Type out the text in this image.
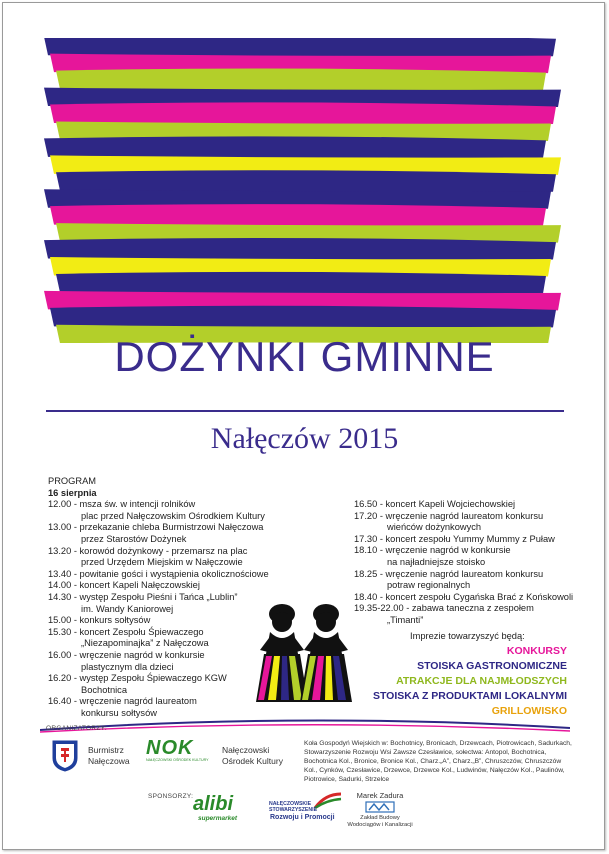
DOŻYNKI GMINNE
Nałęczów 2015
PROGRAM
16 sierpnia
12.00 - msza św. w intencji rolników
plac przed Nałęczowskim Ośrodkiem Kultury
13.00 - przekazanie chleba Burmistrzowi Nałęczowa
przez Starostów Dożynek
13.20 - korowód dożynkowy - przemarsz na plac
przed Urzędem Miejskim w Nałęczowie
13.40 - powitanie gości i wystąpienia okolicznościowe
14.00 - koncert Kapeli Nałęczowskiej
14.30 - występ Zespołu Pieśni i Tańca „Lublin”
im. Wandy Kaniorowej
15.00 - konkurs sołtysów
15.30 - koncert Zespołu Śpiewaczego
„Niezapominajka” z Nałęczowa
16.00 - wręczenie nagród w konkursie
plastycznym dla dzieci
16.20 - występ Zespołu Śpiewaczego KGW
Bochotnica
16.40 - wręczenie nagród laureatom
konkursu sołtysów
16.50 - koncert Kapeli Wojciechowskiej
17.20 - wręczenie nagród laureatom konkursu
wieńców dożynkowych
17.30 - koncert zespołu Yummy Mummy z Puław
18.10 - wręczenie nagród w konkursie
na najładniejsze stoisko
18.25 - wręczenie nagród laureatom konkursu
potraw regionalnych
18.40 - koncert zespołu Cygańska Brać z Końskowoli
19.35-22.00 - zabawa taneczna z zespołem
„Timanti”
Imprezie towarzyszyć będą:
KONKURSY
STOISKA GASTRONOMICZNE
ATRAKCJE DLA NAJMŁODSZYCH
STOISKA Z PRODUKTAMI LOKALNYMI
GRILLOWISKO
ORGANIZATORZY:
Burmistrz
Nałęczowa
NOK
NAŁĘCZOWSKI OŚRODEK KULTURY
Nałęczowski
Ośrodek Kultury
Koła Gospodyń Wiejskich w: Bochotnicy, Bronicach, Drzewcach, Piotrowicach, Sadurkach, Stowarzyszenie Rozwoju Wsi Zawsze Czesławice, sołectwa: Antopol, Bochotnica, Bochotnica Kol., Bronice, Bronice Kol., Charz.„A”, Charz.„B”, Chruszczów, Chruszczów Kol., Cynków, Czesławice, Drzewce, Drzewce Kol., Ludwinów, Nałęczów Kol., Paulinów, Piotrowice, Sadurki, Strzelce
SPONSORZY: alibi
supermarket
NAŁĘCZOWSKIE
STOWARZYSZENIE
Rozwoju i Promocji
Marek Zadura
Zakład Budowy
Wodociągów i Kanalizacji
